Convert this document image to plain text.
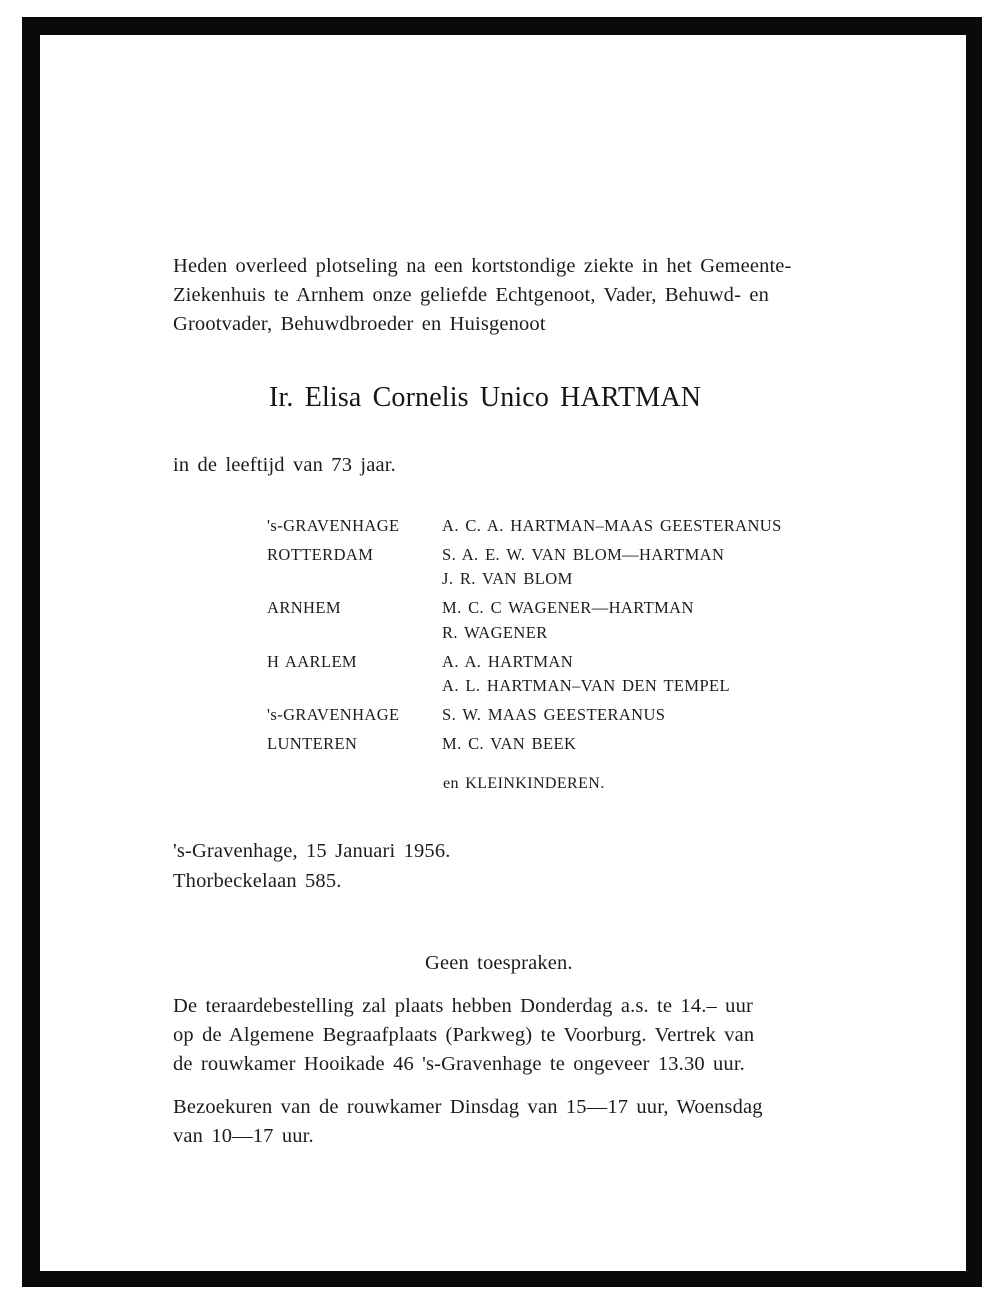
Heden overleed plotseling na een kortstondige ziekte in het Gemeente-
Ziekenhuis te Arnhem onze geliefde Echtgenoot, Vader, Behuwd- en
Grootvader, Behuwdbroeder en Huisgenoot
Ir. Elisa Cornelis Unico HARTMAN
in de leeftijd van 73 jaar.
's-GRAVENHAGE	A. C. A. HARTMAN–MAAS GEESTERANUS
ROTTERDAM	S. A. E. W. VAN BLOM—HARTMAN
J. R. VAN BLOM
ARNHEM	M. C. C WAGENER—HARTMAN
R. WAGENER
H AARLEM	A. A. HARTMAN
A. L. HARTMAN–VAN DEN TEMPEL
's-GRAVENHAGE	S. W. MAAS GEESTERANUS
LUNTEREN	M. C. VAN BEEK
en KLEINKINDEREN.
's-Gravenhage, 15 Januari 1956.
Thorbeckelaan 585.
Geen toespraken.
De teraardebestelling zal plaats hebben Donderdag a.s. te 14.– uur
op de Algemene Begraafplaats (Parkweg) te Voorburg. Vertrek van
de rouwkamer Hooikade 46 's-Gravenhage te ongeveer 13.30 uur.
Bezoekuren van de rouwkamer Dinsdag van 15—17 uur, Woensdag
van 10—17 uur.
